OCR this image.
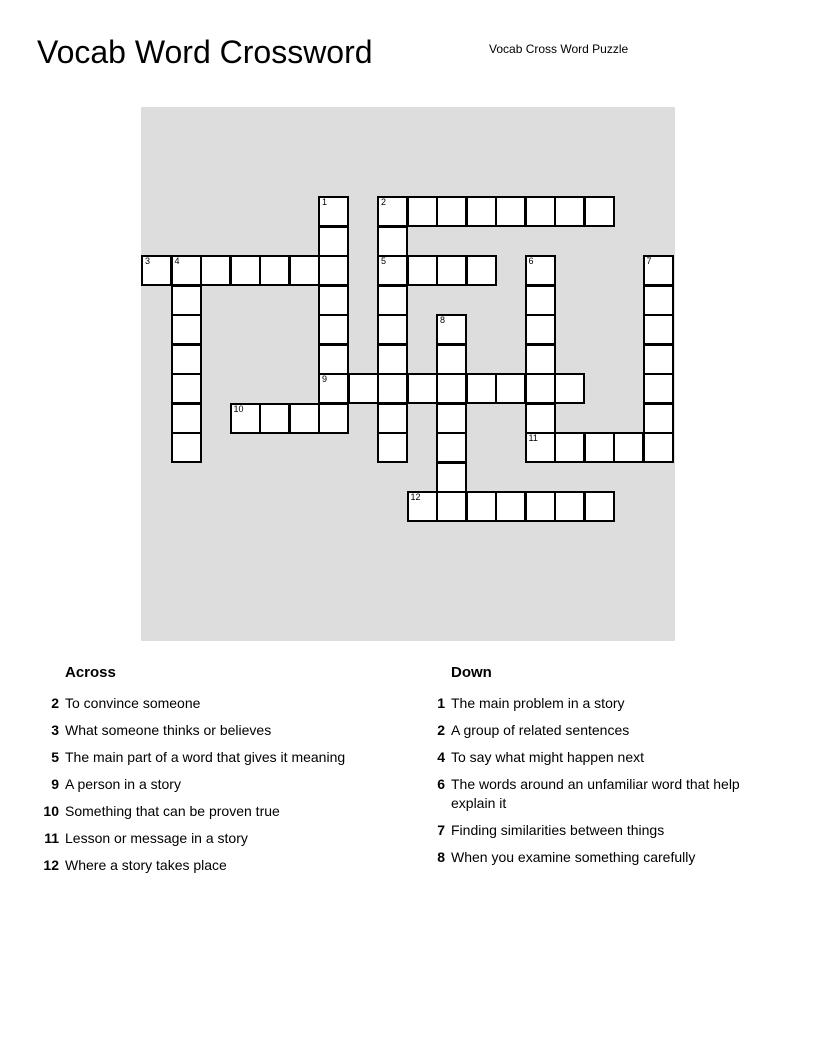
Vocab Word Crossword	Vocab Cross Word Puzzle
1
9
2
5
3	4	6
11
7
8
10
12
Across
2 To convince someone
3 What someone thinks or believes
5 The main part of a word that gives it meaning
9 A person in a story
10 Something that can be proven true
11 Lesson or message in a story
12 Where a story takes place
Down
1 The main problem in a story
2 A group of related sentences
4 To say what might happen next
6 The words around an unfamiliar word that help explain it
7 Finding similarities between things
8 When you examine something carefully
